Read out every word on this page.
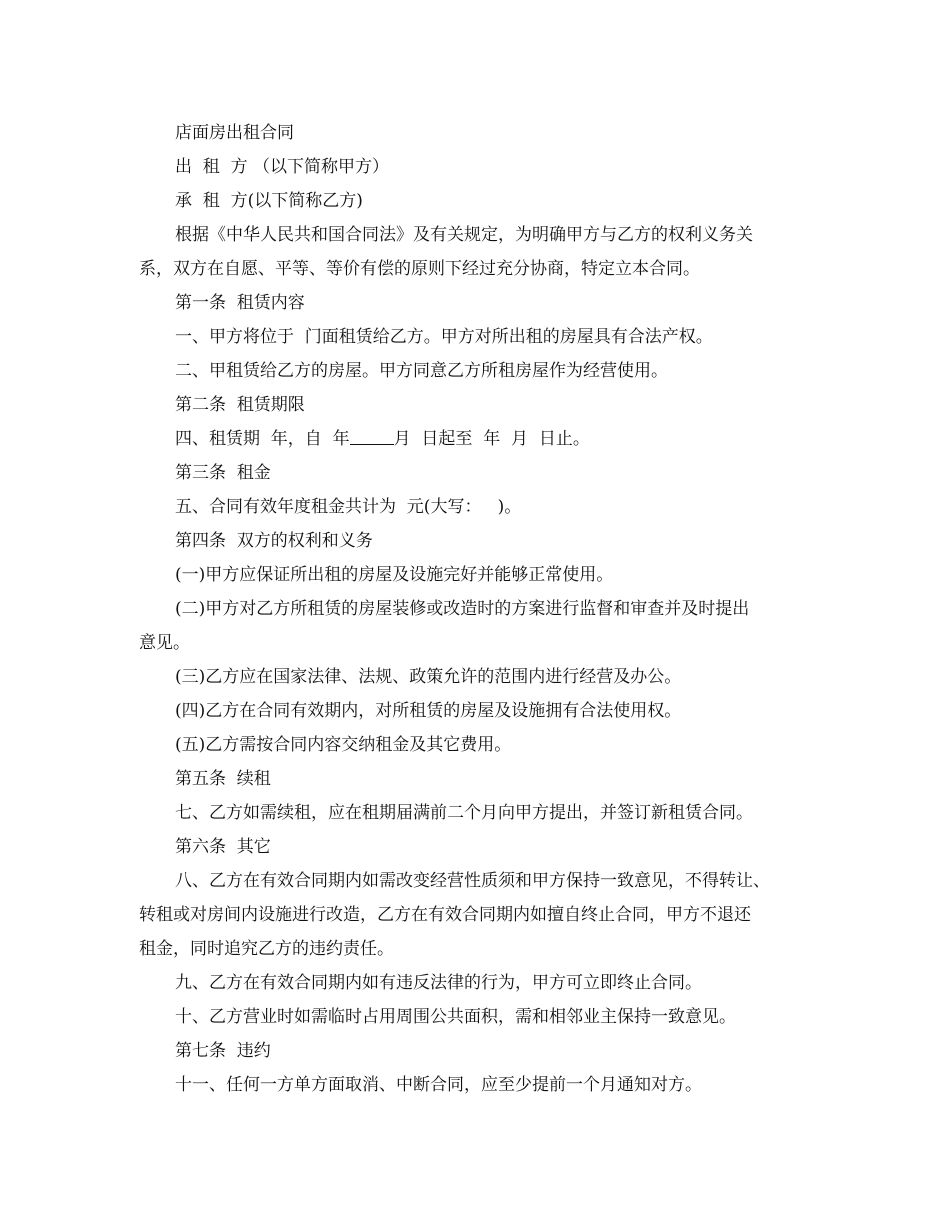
店面房出租合同
出  租  方 （以下简称甲方）
承  租  方(以下简称乙方)
根据《中华人民共和国合同法》及有关规定，为明确甲方与乙方的权利义务关
系，双方在自愿、平等、等价有偿的原则下经过充分协商，特定立本合同。
第一条  租赁内容
一、甲方将位于  门面租赁给乙方。甲方对所出租的房屋具有合法产权。
二、甲租赁给乙方的房屋。甲方同意乙方所租房屋作为经营使用。
第二条  租赁期限
四、租赁期  年，自  年	月  日起至  年  月  日止。
第三条  租金
五、合同有效年度租金共计为  元(大写：   )。
第四条  双方的权利和义务
(一)甲方应保证所出租的房屋及设施完好并能够正常使用。
(二)甲方对乙方所租赁的房屋装修或改造时的方案进行监督和审查并及时提出
意见。
(三)乙方应在国家法律、法规、政策允许的范围内进行经营及办公。
(四)乙方在合同有效期内，对所租赁的房屋及设施拥有合法使用权。
(五)乙方需按合同内容交纳租金及其它费用。
第五条  续租
七、乙方如需续租，应在租期届满前二个月向甲方提出，并签订新租赁合同。
第六条  其它
八、乙方在有效合同期内如需改变经营性质须和甲方保持一致意见，不得转让、
转租或对房间内设施进行改造，乙方在有效合同期内如擅自终止合同，甲方不退还
租金，同时追究乙方的违约责任。
九、乙方在有效合同期内如有违反法律的行为，甲方可立即终止合同。
十、乙方营业时如需临时占用周围公共面积，需和相邻业主保持一致意见。
第七条  违约
十一、任何一方单方面取消、中断合同，应至少提前一个月通知对方。
